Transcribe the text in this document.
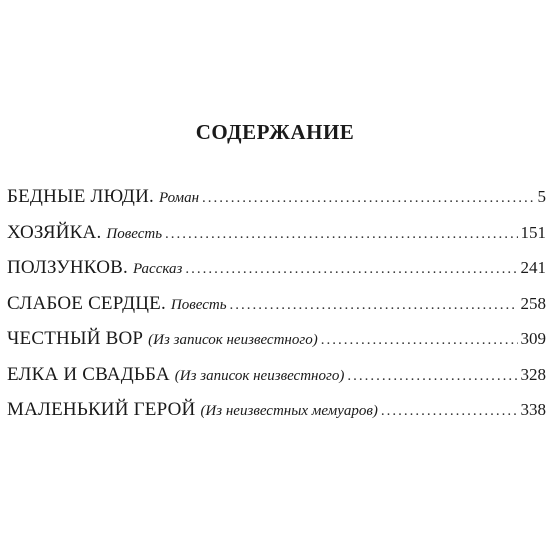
СОДЕРЖАНИЕ
БЕДНЫЕ ЛЮДИ. Роман .....	5
ХОЗЯЙКА. Повесть .....	151
ПОЛЗУНКОВ. Рассказ .....	241
СЛАБОЕ СЕРДЦЕ. Повесть .....	258
ЧЕСТНЫЙ ВОР (Из записок неизвестного) .....	309
ЕЛКА И СВАДЬБА (Из записок неизвестного) .....	328
МАЛЕНЬКИЙ ГЕРОЙ (Из неизвестных мемуаров) .....	338
